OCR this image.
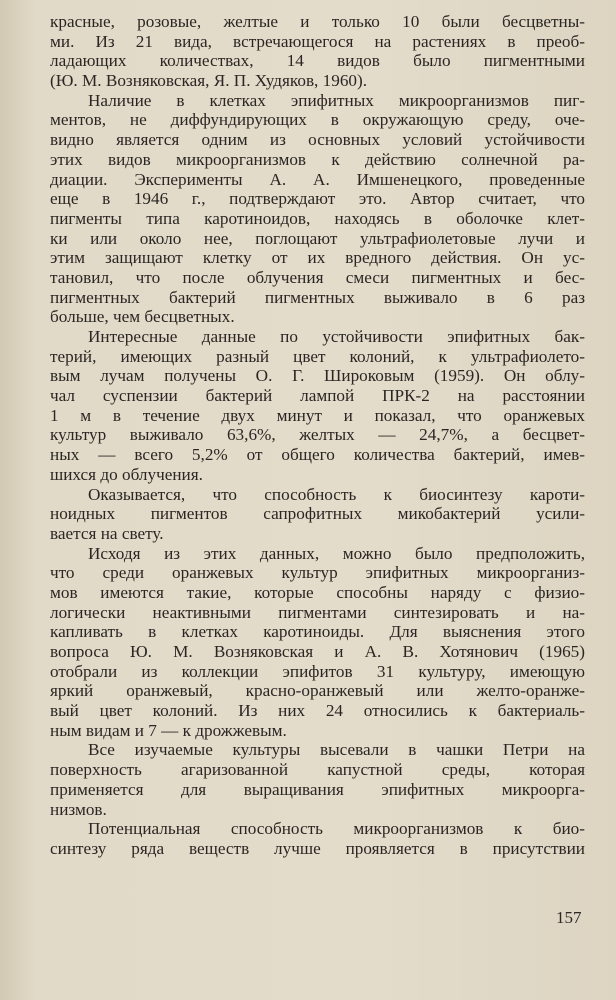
красные, розовые, желтые и только 10 были бесцветны-
ми. Из 21 вида, встречающегося на растениях в преоб-
ладающих количествах, 14 видов было пигментными
(Ю. М. Возняковская, Я. П. Худяков, 1960).
Наличие в клетках эпифитных микроорганизмов пиг-
ментов, не диффундирующих в окружающую среду, оче-
видно является одним из основных условий устойчивости
этих видов микроорганизмов к действию солнечной ра-
диации. Эксперименты А. А. Имшенецкого, проведенные
еще в 1946 г., подтверждают это. Автор считает, что
пигменты типа каротиноидов, находясь в оболочке клет-
ки или около нее, поглощают ультрафиолетовые лучи и
этим защищают клетку от их вредного действия. Он ус-
тановил, что после облучения смеси пигментных и бес-
пигментных бактерий пигментных выживало в 6 раз
больше, чем бесцветных.
Интересные данные по устойчивости эпифитных бак-
терий, имеющих разный цвет колоний, к ультрафиолето-
вым лучам получены О. Г. Широковым (1959). Он облу-
чал суспензии бактерий лампой ПРК-2 на расстоянии
1 м в течение двух минут и показал, что оранжевых
культур выживало 63,6%, желтых — 24,7%, а бесцвет-
ных — всего 5,2% от общего количества бактерий, имев-
шихся до облучения.
Оказывается, что способность к биосинтезу кароти-
ноидных пигментов сапрофитных микобактерий усили-
вается на свету.
Исходя из этих данных, можно было предположить,
что среди оранжевых культур эпифитных микроорганиз-
мов имеются такие, которые способны наряду с физио-
логически неактивными пигментами синтезировать и на-
капливать в клетках каротиноиды. Для выяснения этого
вопроса Ю. М. Возняковская и А. В. Хотянович (1965)
отобрали из коллекции эпифитов 31 культуру, имеющую
яркий оранжевый, красно-оранжевый или желто-оранже-
вый цвет колоний. Из них 24 относились к бактериаль-
ным видам и 7 — к дрожжевым.
Все изучаемые культуры высевали в чашки Петри на
поверхность агаризованной капустной среды, которая
применяется для выращивания эпифитных микроорга-
низмов.
Потенциальная способность микроорганизмов к био-
синтезу ряда веществ лучше проявляется в присутствии
157
